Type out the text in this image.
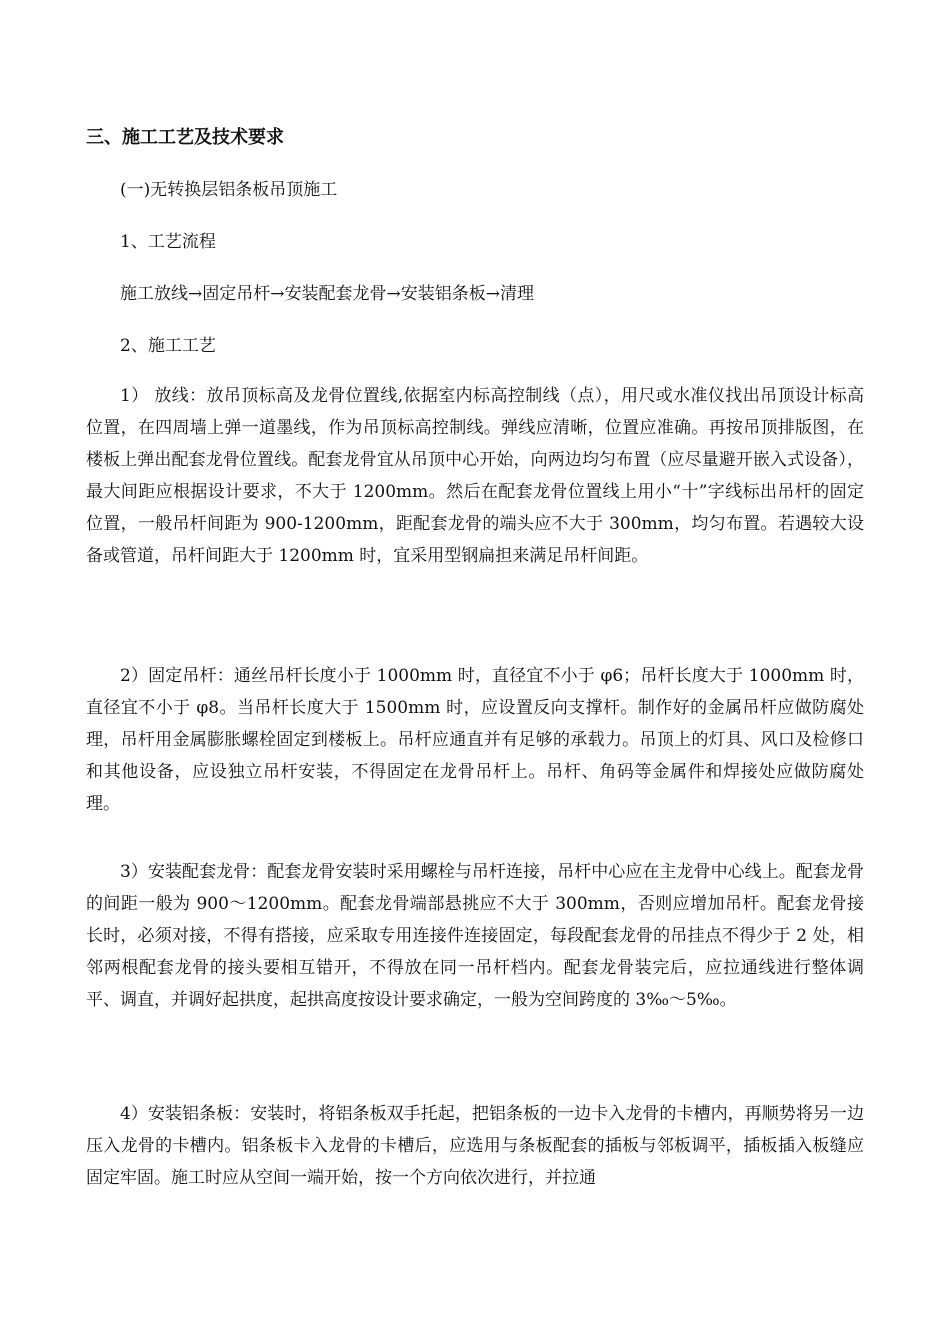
三、施工工艺及技术要求

(一)无转换层铝条板吊顶施工

1、工艺流程

施工放线→固定吊杆→安装配套龙骨→安装铝条板→清理

2、施工工艺

1） 放线：放吊顶标高及龙骨位置线,依据室内标高控制线（点），用尺或水准仪找出吊顶设计标高位置，在四周墙上弹一道墨线，作为吊顶标高控制线。弹线应清晰，位置应准确。再按吊顶排版图，在楼板上弹出配套龙骨位置线。配套龙骨宜从吊顶中心开始，向两边均匀布置（应尽量避开嵌入式设备），最大间距应根据设计要求，不大于 1200mm。然后在配套龙骨位置线上用小“十”字线标出吊杆的固定位置，一般吊杆间距为 900-1200mm，距配套龙骨的端头应不大于 300mm，均匀布置。若遇较大设备或管道，吊杆间距大于 1200mm 时，宜采用型钢扁担来满足吊杆间距。

2）固定吊杆：通丝吊杆长度小于 1000mm 时，直径宜不小于 φ6；吊杆长度大于 1000mm 时，直径宜不小于 φ8。当吊杆长度大于 1500mm 时，应设置反向支撑杆。制作好的金属吊杆应做防腐处理，吊杆用金属膨胀螺栓固定到楼板上。吊杆应通直并有足够的承载力。吊顶上的灯具、风口及检修口和其他设备，应设独立吊杆安装，不得固定在龙骨吊杆上。吊杆、角码等金属件和焊接处应做防腐处理。

3）安装配套龙骨：配套龙骨安装时采用螺栓与吊杆连接，吊杆中心应在主龙骨中心线上。配套龙骨的间距一般为 900～1200mm。配套龙骨端部悬挑应不大于 300mm，否则应增加吊杆。配套龙骨接长时，必须对接，不得有搭接，应采取专用连接件连接固定，每段配套龙骨的吊挂点不得少于 2 处，相邻两根配套龙骨的接头要相互错开，不得放在同一吊杆档内。配套龙骨装完后，应拉通线进行整体调平、调直，并调好起拱度，起拱高度按设计要求确定，一般为空间跨度的 3‰～5‰。

4）安装铝条板：安装时，将铝条板双手托起，把铝条板的一边卡入龙骨的卡槽内，再顺势将另一边压入龙骨的卡槽内。铝条板卡入龙骨的卡槽后，应选用与条板配套的插板与邻板调平，插板插入板缝应固定牢固。施工时应从空间一端开始，按一个方向依次进行，并拉通
